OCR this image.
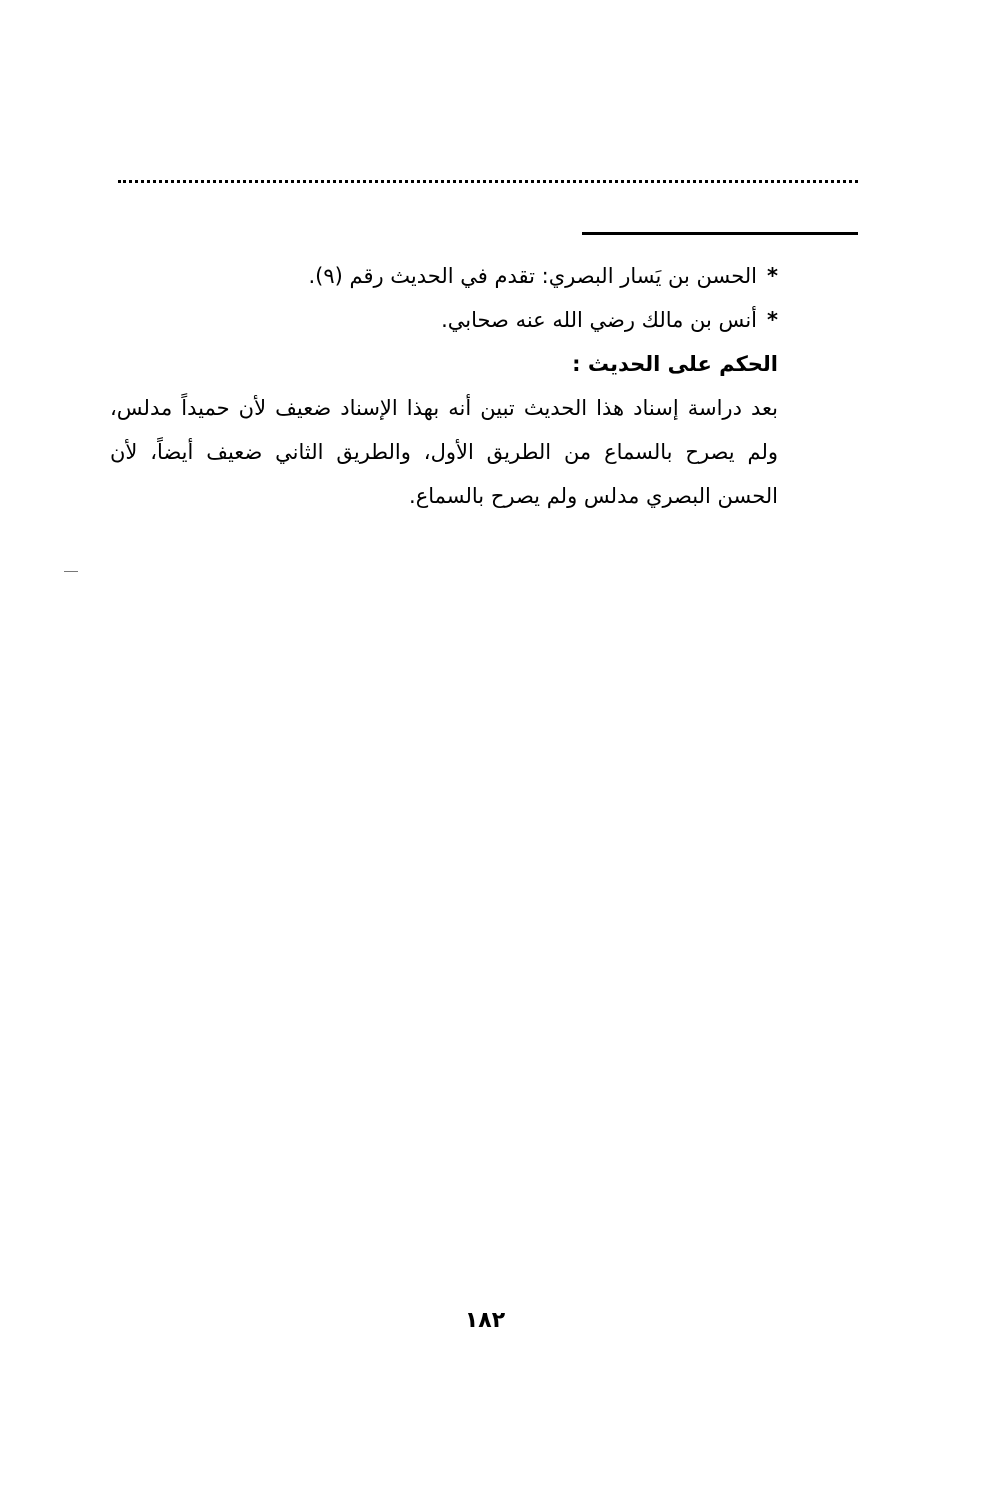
*الحسن بن يَسار البصري: تقدم في الحديث رقم (٩).
*أنس بن مالك رضي الله عنه صحابي.
الحكم على الحديث :
بعد دراسة إسناد هذا الحديث تبين أنه بهذا الإسناد ضعيف لأن حميداً مدلس،
ولم يصرح بالسماع من الطريق الأول، والطريق الثاني ضعيف أيضاً، لأن
الحسن البصري مدلس ولم يصرح بالسماع.
١٨٢
